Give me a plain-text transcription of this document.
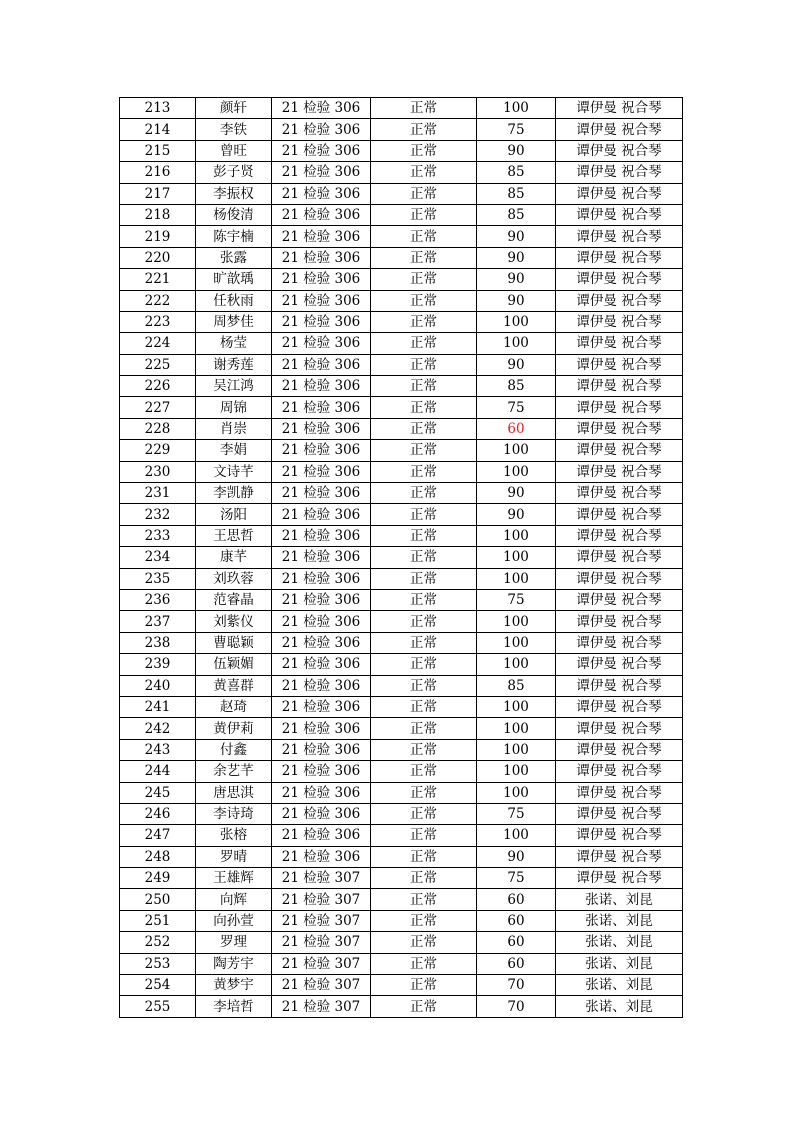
213	颜轩	21 检验 306	正常	100	谭伊曼 祝合琴
214	李铁	21 检验 306	正常	75	谭伊曼 祝合琴
215	曾旺	21 检验 306	正常	90	谭伊曼 祝合琴
216	彭子贤	21 检验 306	正常	85	谭伊曼 祝合琴
217	李振权	21 检验 306	正常	85	谭伊曼 祝合琴
218	杨俊清	21 检验 306	正常	85	谭伊曼 祝合琴
219	陈宇楠	21 检验 306	正常	90	谭伊曼 祝合琴
220	张露	21 检验 306	正常	90	谭伊曼 祝合琴
221	旷歆瑀	21 检验 306	正常	90	谭伊曼 祝合琴
222	任秋雨	21 检验 306	正常	90	谭伊曼 祝合琴
223	周梦佳	21 检验 306	正常	100	谭伊曼 祝合琴
224	杨莹	21 检验 306	正常	100	谭伊曼 祝合琴
225	谢秀莲	21 检验 306	正常	90	谭伊曼 祝合琴
226	吴江鸿	21 检验 306	正常	85	谭伊曼 祝合琴
227	周锦	21 检验 306	正常	75	谭伊曼 祝合琴
228	肖崇	21 检验 306	正常	60	谭伊曼 祝合琴
229	李娟	21 检验 306	正常	100	谭伊曼 祝合琴
230	文诗芊	21 检验 306	正常	100	谭伊曼 祝合琴
231	李凯静	21 检验 306	正常	90	谭伊曼 祝合琴
232	汤阳	21 检验 306	正常	90	谭伊曼 祝合琴
233	王思哲	21 检验 306	正常	100	谭伊曼 祝合琴
234	康芊	21 检验 306	正常	100	谭伊曼 祝合琴
235	刘玖蓉	21 检验 306	正常	100	谭伊曼 祝合琴
236	范睿晶	21 检验 306	正常	75	谭伊曼 祝合琴
237	刘紫仪	21 检验 306	正常	100	谭伊曼 祝合琴
238	曹聪颖	21 检验 306	正常	100	谭伊曼 祝合琴
239	伍颖媚	21 检验 306	正常	100	谭伊曼 祝合琴
240	黄喜群	21 检验 306	正常	85	谭伊曼 祝合琴
241	赵琦	21 检验 306	正常	100	谭伊曼 祝合琴
242	黄伊莉	21 检验 306	正常	100	谭伊曼 祝合琴
243	付鑫	21 检验 306	正常	100	谭伊曼 祝合琴
244	余艺芊	21 检验 306	正常	100	谭伊曼 祝合琴
245	唐思淇	21 检验 306	正常	100	谭伊曼 祝合琴
246	李诗琦	21 检验 306	正常	75	谭伊曼 祝合琴
247	张榕	21 检验 306	正常	100	谭伊曼 祝合琴
248	罗晴	21 检验 306	正常	90	谭伊曼 祝合琴
249	王雄辉	21 检验 307	正常	75	谭伊曼 祝合琴
250	向辉	21 检验 307	正常	60	张诺、刘昆
251	向孙萱	21 检验 307	正常	60	张诺、刘昆
252	罗理	21 检验 307	正常	60	张诺、刘昆
253	陶芳宇	21 检验 307	正常	60	张诺、刘昆
254	黄梦宇	21 检验 307	正常	70	张诺、刘昆
255	李培哲	21 检验 307	正常	70	张诺、刘昆
